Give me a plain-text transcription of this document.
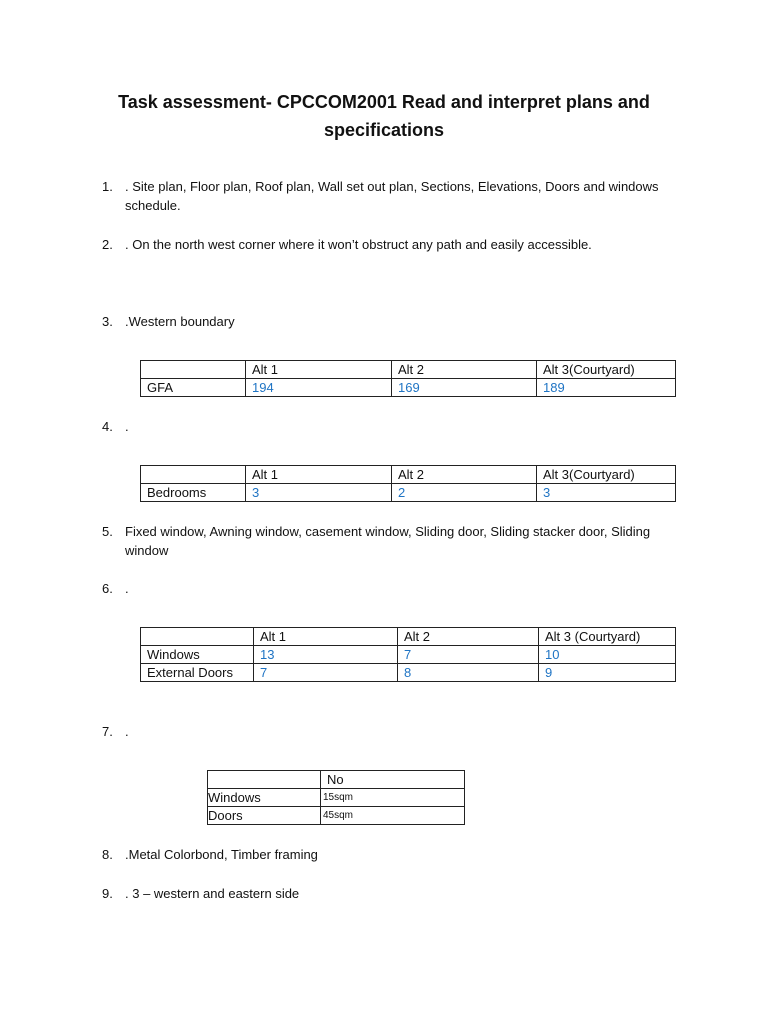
Task assessment- CPCCOM2001 Read and interpret plans and specifications
1. . Site plan, Floor plan, Roof plan, Wall set out plan, Sections, Elevations, Doors and windows schedule.
2. . On the north west corner where it won’t obstruct any path and easily accessible.
3. .Western boundary
	Alt 1	Alt 2	Alt 3(Courtyard)
GFA	194	169	189
4. .
	Alt 1	Alt 2	Alt 3(Courtyard)
Bedrooms	3	2	3
5. Fixed window, Awning window, casement window, Sliding door, Sliding stacker door, Sliding window
6. .
	Alt 1	Alt 2	Alt 3 (Courtyard)
Windows	13	7	10
External Doors	7	8	9
7. .
	No
Windows	15sqm
Doors	45sqm
8. .Metal Colorbond, Timber framing
9. . 3 – western and eastern side
